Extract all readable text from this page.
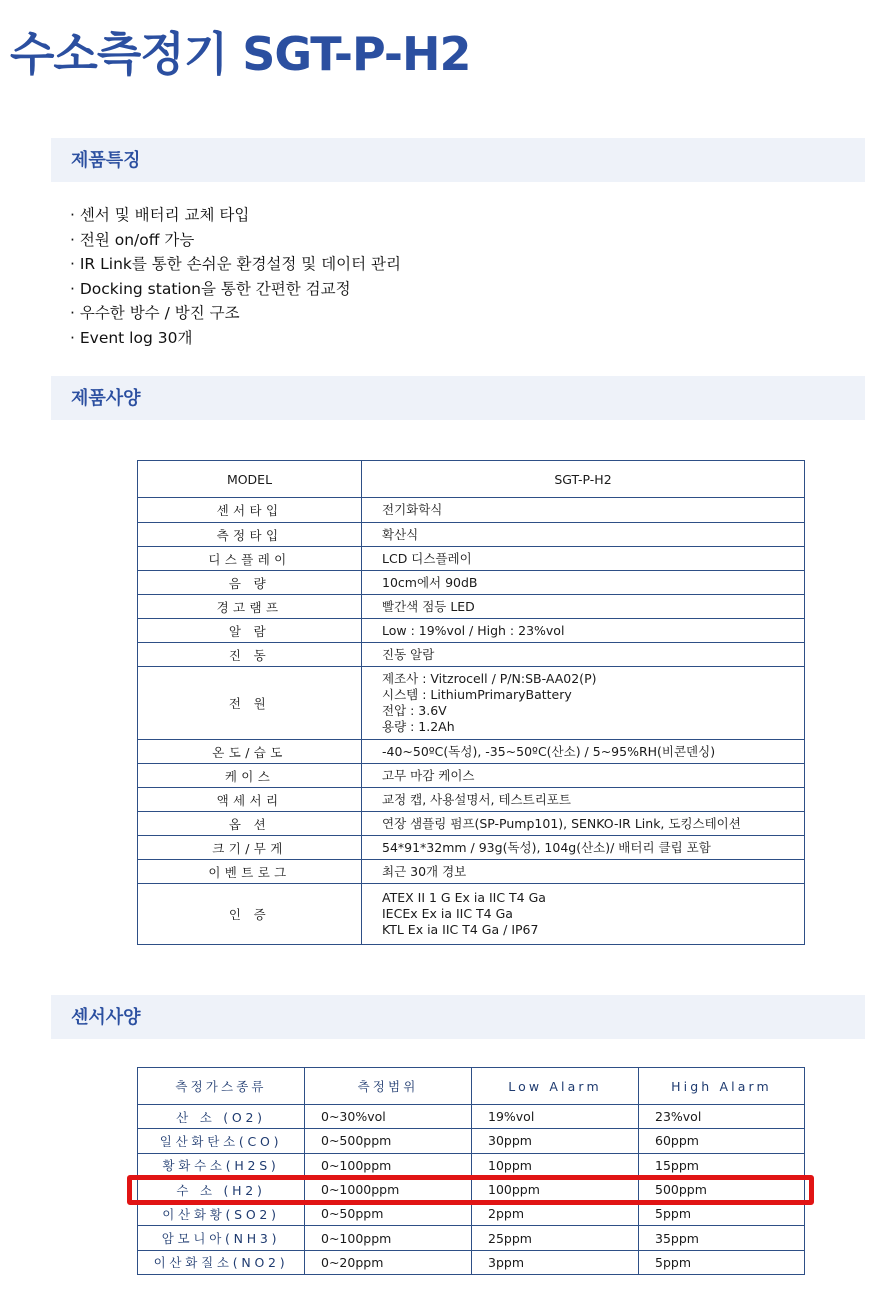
수소측정기 SGT-P-H2
제품특징
· 센서 및 배터리 교체 타입
· 전원 on/off 가능
· IR Link를 통한 손쉬운 환경설정 및 데이터 관리
· Docking station을 통한 간편한 검교정
· 우수한 방수 / 방진 구조
· Event log 30개
제품사양
MODEL	SGT-P-H2
센서타입	전기화학식

측정타입	확산식

디스플레이	LCD 디스플레이

음 량	10cm에서 90dB

경고램프	빨간색 점등 LED

알 람	Low : 19%vol / High : 23%vol

진 동	진동 알람

전 원	제조사 : Vitzrocell / P/N:SB-AA02(P)
시스템 : LithiumPrimaryBattery
전압 : 3.6V
용량 : 1.2Ah

온도/습도	-40~50ºC(독성), -35~50ºC(산소) / 5~95%RH(비콘덴싱)

케이스	고무 마감 케이스

액세서리	교정 캡, 사용설명서, 테스트리포트

옵 션	연장 샘플링 펌프(SP-Pump101), SENKO-IR Link, 도킹스테이션

크기/무게	54*91*32mm / 93g(독성), 104g(산소)/ 배터리 클립 포함

이벤트로그	최근 30개 경보

인 증	ATEX II 1 G Ex ia IIC T4 Ga
IECEx Ex ia IIC T4 Ga
KTL Ex ia IIC T4 Ga / IP67
센서사양
측정가스종류	측정범위	Low Alarm	High Alarm
산 소 (O2)	0~30%vol	19%vol	23%vol
일산화탄소(CO)	0~500ppm	30ppm	60ppm
황화수소(H2S)	0~100ppm	10ppm	15ppm
수 소 (H2)	0~1000ppm	100ppm	500ppm
이산화황(SO2)	0~50ppm	2ppm	5ppm
암모니아(NH3)	0~100ppm	25ppm	35ppm
이산화질소(NO2)	0~20ppm	3ppm	5ppm
